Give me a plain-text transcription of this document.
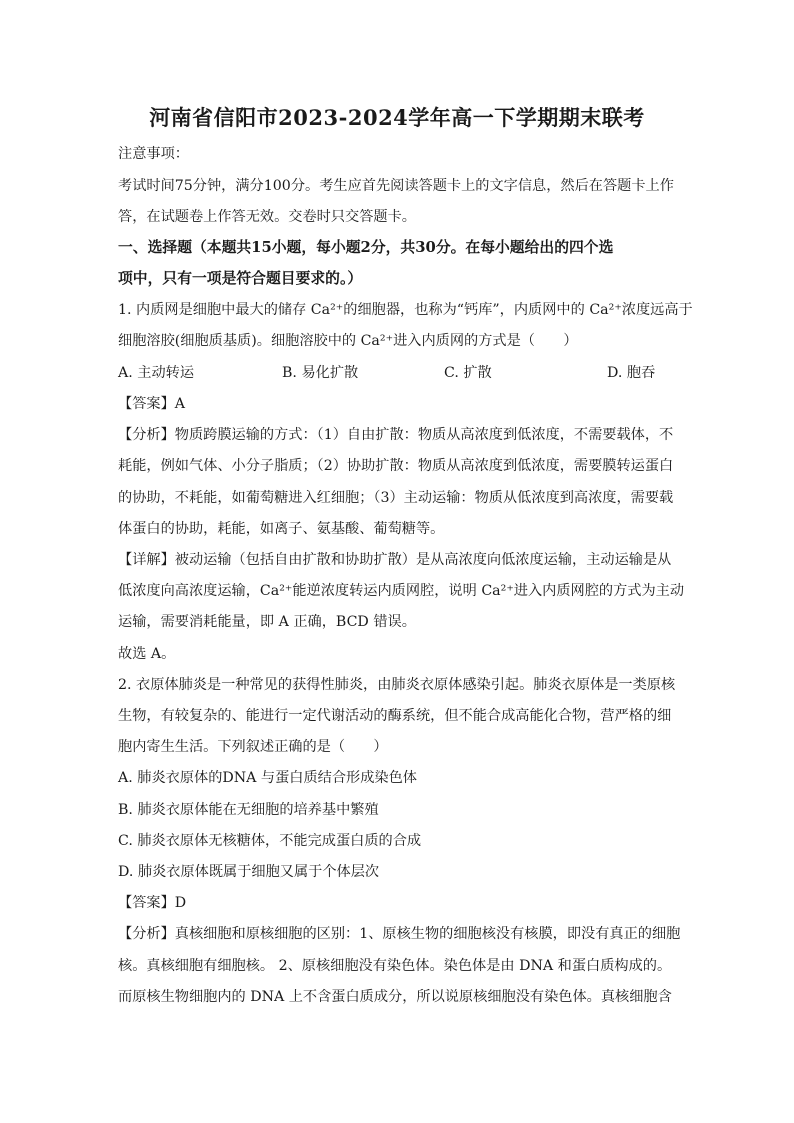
河南省信阳市2023-2024学年高一下学期期末联考
注意事项：
考试时间75分钟，满分100分。考生应首先阅读答题卡上的文字信息，然后在答题卡上作
答，在试题卷上作答无效。交卷时只交答题卡。
一、选择题（本题共15小题，每小题2分，共30分。在每小题给出的四个选
项中，只有一项是符合题目要求的。）
1. 内质网是细胞中最大的储存 Ca²⁺的细胞器，也称为“钙库”，内质网中的 Ca²⁺浓度远高于
细胞溶胶(细胞质基质)。细胞溶胶中的 Ca²⁺进入内质网的方式是（　　）
A. 主动转运	B. 易化扩散	C. 扩散	D. 胞吞
【答案】A
【分析】物质跨膜运输的方式：（1）自由扩散：物质从高浓度到低浓度，不需要载体，不
耗能，例如气体、小分子脂质；（2）协助扩散：物质从高浓度到低浓度，需要膜转运蛋白
的协助，不耗能，如葡萄糖进入红细胞；（3）主动运输：物质从低浓度到高浓度，需要载
体蛋白的协助，耗能，如离子、氨基酸、葡萄糖等。
【详解】被动运输（包括自由扩散和协助扩散）是从高浓度向低浓度运输，主动运输是从
低浓度向高浓度运输，Ca²⁺能逆浓度转运内质网腔，说明 Ca²⁺进入内质网腔的方式为主动
运输，需要消耗能量，即 A 正确，BCD 错误。
故选 A。
2. 衣原体肺炎是一种常见的获得性肺炎，由肺炎衣原体感染引起。肺炎衣原体是一类原核
生物，有较复杂的、能进行一定代谢活动的酶系统，但不能合成高能化合物，营严格的细
胞内寄生生活。下列叙述正确的是（　　）
A. 肺炎衣原体的DNA 与蛋白质结合形成染色体
B. 肺炎衣原体能在无细胞的培养基中繁殖
C. 肺炎衣原体无核糖体，不能完成蛋白质的合成
D. 肺炎衣原体既属于细胞又属于个体层次
【答案】D
【分析】真核细胞和原核细胞的区别：1、原核生物的细胞核没有核膜，即没有真正的细胞
核。真核细胞有细胞核。 2、原核细胞没有染色体。染色体是由 DNA 和蛋白质构成的。
而原核生物细胞内的 DNA 上不含蛋白质成分，所以说原核细胞没有染色体。真核细胞含
